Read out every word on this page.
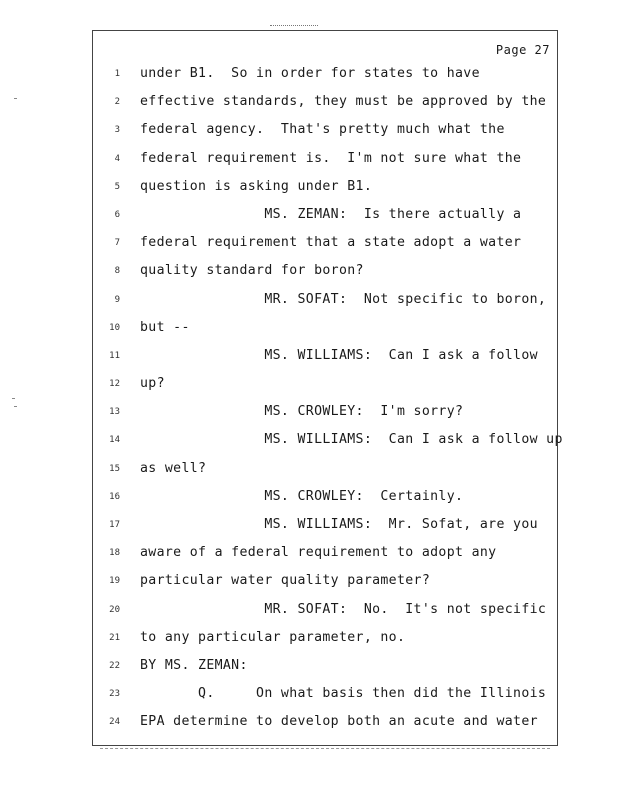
Page 27
1 under B1.  So in order for states to have
2 effective standards, they must be approved by the
3 federal agency.  That's pretty much what the
4 federal requirement is.  I'm not sure what the
5 question is asking under B1.
6 MS. ZEMAN:  Is there actually a
7 federal requirement that a state adopt a water
8 quality standard for boron?
9 MR. SOFAT:  Not specific to boron,
10 but --
11 MS. WILLIAMS:  Can I ask a follow
12 up?
13 MS. CROWLEY:  I'm sorry?
14 MS. WILLIAMS:  Can I ask a follow up
15 as well?
16 MS. CROWLEY:  Certainly.
17 MS. WILLIAMS:  Mr. Sofat, are you
18 aware of a federal requirement to adopt any
19 particular water quality parameter?
20 MR. SOFAT:  No.  It's not specific
21 to any particular parameter, no.
22 BY MS. ZEMAN:
23 Q.     On what basis then did the Illinois
24 EPA determine to develop both an acute and water
